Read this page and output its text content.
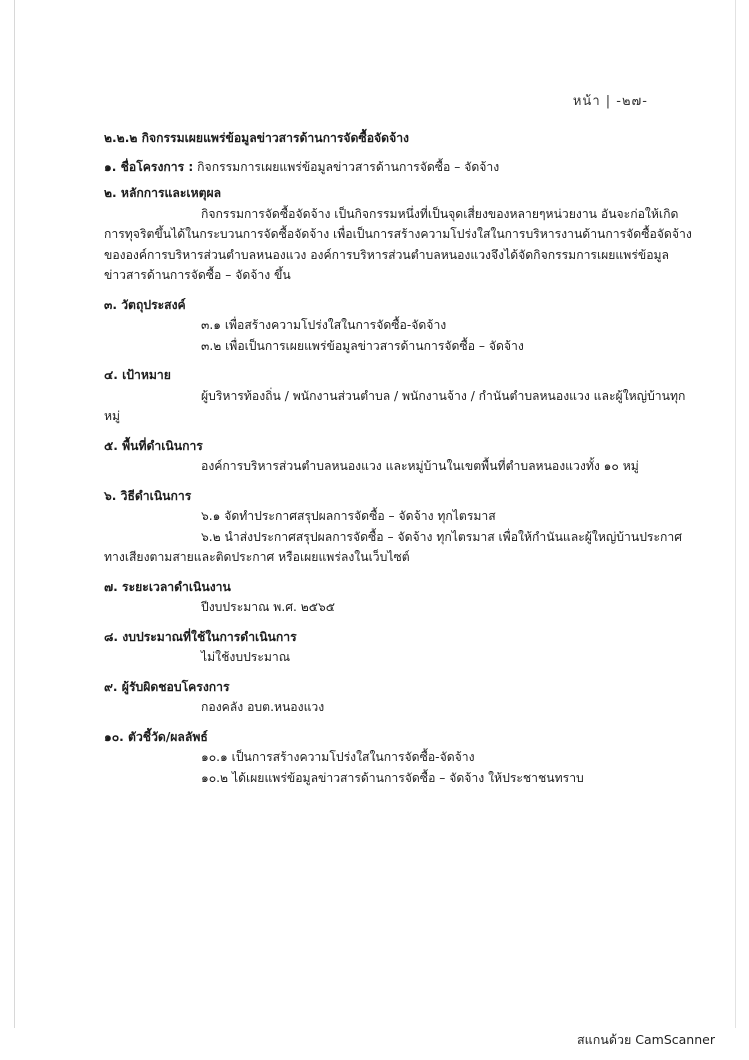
หน้า | -๒๗-
๒.๒.๒ กิจกรรมเผยแพร่ข้อมูลข่าวสารด้านการจัดซื้อจัดจ้าง
๑. ชื่อโครงการ : กิจกรรมการเผยแพร่ข้อมูลข่าวสารด้านการจัดซื้อ – จัดจ้าง
๒. หลักการและเหตุผล
กิจกรรมการจัดซื้อจัดจ้าง เป็นกิจกรรมหนึ่งที่เป็นจุดเสี่ยงของหลายๆหน่วยงาน อันจะก่อให้เกิด
การทุจริตขึ้นได้ในกระบวนการจัดซื้อจัดจ้าง เพื่อเป็นการสร้างความโปร่งใสในการบริหารงานด้านการจัดซื้อจัดจ้าง
ขององค์การบริหารส่วนตำบลหนองแวง องค์การบริหารส่วนตำบลหนองแวงจึงได้จัดกิจกรรมการเผยแพร่ข้อมูล
ข่าวสารด้านการจัดซื้อ – จัดจ้าง ขึ้น
๓. วัตถุประสงค์
๓.๑ เพื่อสร้างความโปร่งใสในการจัดซื้อ-จัดจ้าง
๓.๒ เพื่อเป็นการเผยแพร่ข้อมูลข่าวสารด้านการจัดซื้อ – จัดจ้าง
๔. เป้าหมาย
ผู้บริหารท้องถิ่น / พนักงานส่วนตำบล / พนักงานจ้าง / กำนันตำบลหนองแวง และผู้ใหญ่บ้านทุก
หมู่
๕. พื้นที่ดำเนินการ
องค์การบริหารส่วนตำบลหนองแวง และหมู่บ้านในเขตพื้นที่ตำบลหนองแวงทั้ง ๑๐ หมู่
๖. วิธีดำเนินการ
๖.๑ จัดทำประกาศสรุปผลการจัดซื้อ – จัดจ้าง ทุกไตรมาส
๖.๒ นำส่งประกาศสรุปผลการจัดซื้อ – จัดจ้าง ทุกไตรมาส เพื่อให้กำนันและผู้ใหญ่บ้านประกาศ
ทางเสียงตามสายและติดประกาศ หรือเผยแพร่ลงในเว็บไซต์
๗. ระยะเวลาดำเนินงาน
ปีงบประมาณ พ.ศ. ๒๕๖๕
๘. งบประมาณที่ใช้ในการดำเนินการ
ไม่ใช้งบประมาณ
๙. ผู้รับผิดชอบโครงการ
กองคลัง อบต.หนองแวง
๑๐. ตัวชี้วัด/ผลลัพธ์
๑๐.๑ เป็นการสร้างความโปร่งใสในการจัดซื้อ-จัดจ้าง
๑๐.๒ ได้เผยแพร่ข้อมูลข่าวสารด้านการจัดซื้อ – จัดจ้าง ให้ประชาชนทราบ
สแกนด้วย CamScanner
